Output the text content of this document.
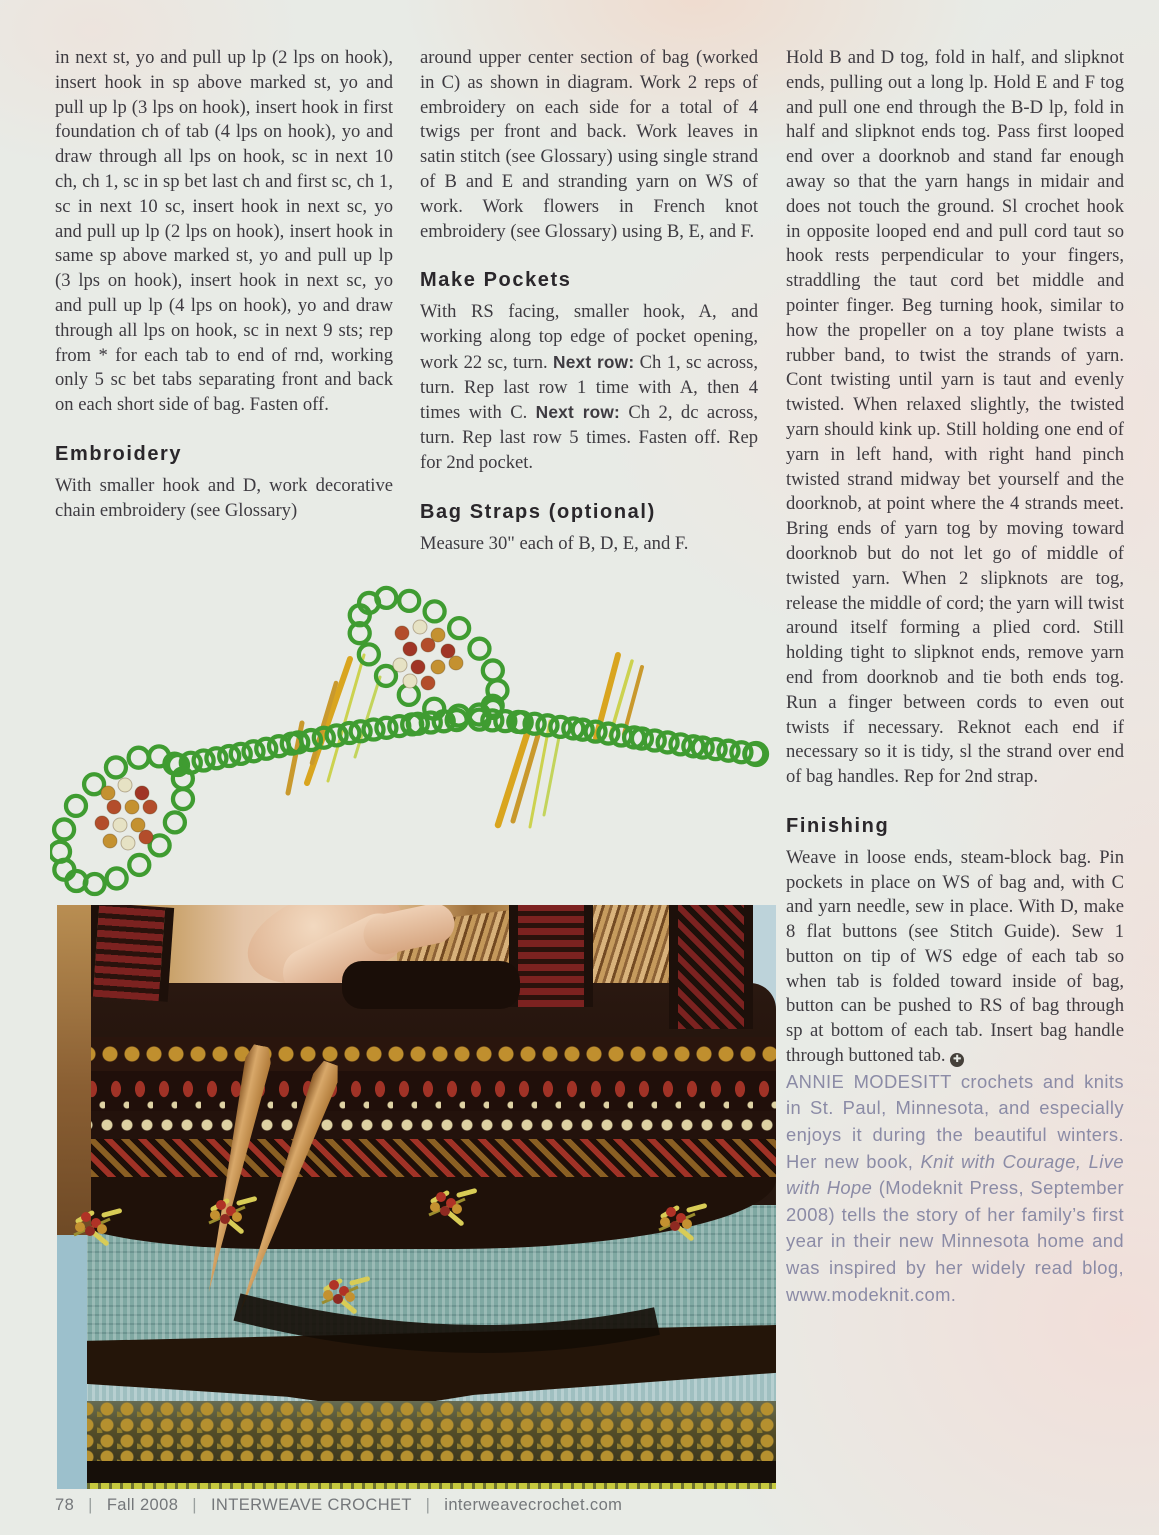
in next st, yo and pull up lp (2 lps on hook), insert hook in sp above marked st, yo and pull up lp (3 lps on hook), insert hook in first foundation ch of tab (4 lps on hook), yo and draw through all lps on hook, sc in next 10 ch, ch 1, sc in sp bet last ch and first sc, ch 1, sc in next 10 sc, insert hook in next sc, yo and pull up lp (2 lps on hook), insert hook in same sp above marked st, yo and pull up lp (3 lps on hook), insert hook in next sc, yo and pull up lp (4 lps on hook), yo and draw through all lps on hook, sc in next 9 sts; rep from * for each tab to end of rnd, working only 5 sc bet tabs separating front and back on each short side of bag. Fasten off.

Embroidery

With smaller hook and D, work decorative chain embroidery (see Glossary)

around upper center section of bag (worked in C) as shown in diagram. Work 2 reps of embroidery on each side for a total of 4 twigs per front and back. Work leaves in satin stitch (see Glossary) using single strand of B and E and stranding yarn on WS of work. Work flowers in French knot embroidery (see Glossary) using B, E, and F.

Make Pockets

With RS facing, smaller hook, A, and working along top edge of pocket opening, work 22 sc, turn. Next row: Ch 1, sc across, turn. Rep last row 1 time with A, then 4 times with C. Next row: Ch 2, dc across, turn. Rep last row 5 times. Fasten off. Rep for 2nd pocket.

Bag Straps (optional)

Measure 30" each of B, D, E, and F.

Hold B and D tog, fold in half, and slipknot ends, pulling out a long lp. Hold E and F tog and pull one end through the B-D lp, fold in half and slipknot ends tog. Pass first looped end over a doorknob and stand far enough away so that the yarn hangs in midair and does not touch the ground. Sl crochet hook in opposite looped end and pull cord taut so hook rests perpendicular to your fingers, straddling the taut cord bet middle and pointer finger. Beg turning hook, similar to how the propeller on a toy plane twists a rubber band, to twist the strands of yarn. Cont twisting until yarn is taut and evenly twisted. When relaxed slightly, the twisted yarn should kink up. Still holding one end of yarn in left hand, with right hand pinch twisted strand midway bet yourself and the doorknob, at point where the 4 strands meet. Bring ends of yarn tog by moving toward doorknob but do not let go of middle of twisted yarn. When 2 slipknots are tog, release the middle of cord; the yarn will twist around itself forming a plied cord. Still holding tight to slipknot ends, remove yarn end from doorknob and tie both ends tog. Run a finger between cords to even out twists if necessary. Reknot each end if necessary so it is tidy, sl the strand over end of bag handles. Rep for 2nd strap.

Finishing

Weave in loose ends, steam-block bag. Pin pockets in place on WS of bag and, with C and yarn needle, sew in place. With D, make 8 flat buttons (see Stitch Guide). Sew 1 button on tip of WS edge of each tab so when tab is folded toward inside of bag, button can be pushed to RS of bag through sp at bottom of each tab. Insert bag handle through buttoned tab. ✚

ANNIE MODESITT crochets and knits in St. Paul, Minnesota, and especially enjoys it during the beautiful winters. Her new book, Knit with Courage, Live with Hope (Modeknit Press, September 2008) tells the story of her family’s first year in their new Minnesota home and was inspired by her widely read blog, www.modeknit.com.

78 | Fall 2008 | INTERWEAVE CROCHET | interweavecrochet.com
